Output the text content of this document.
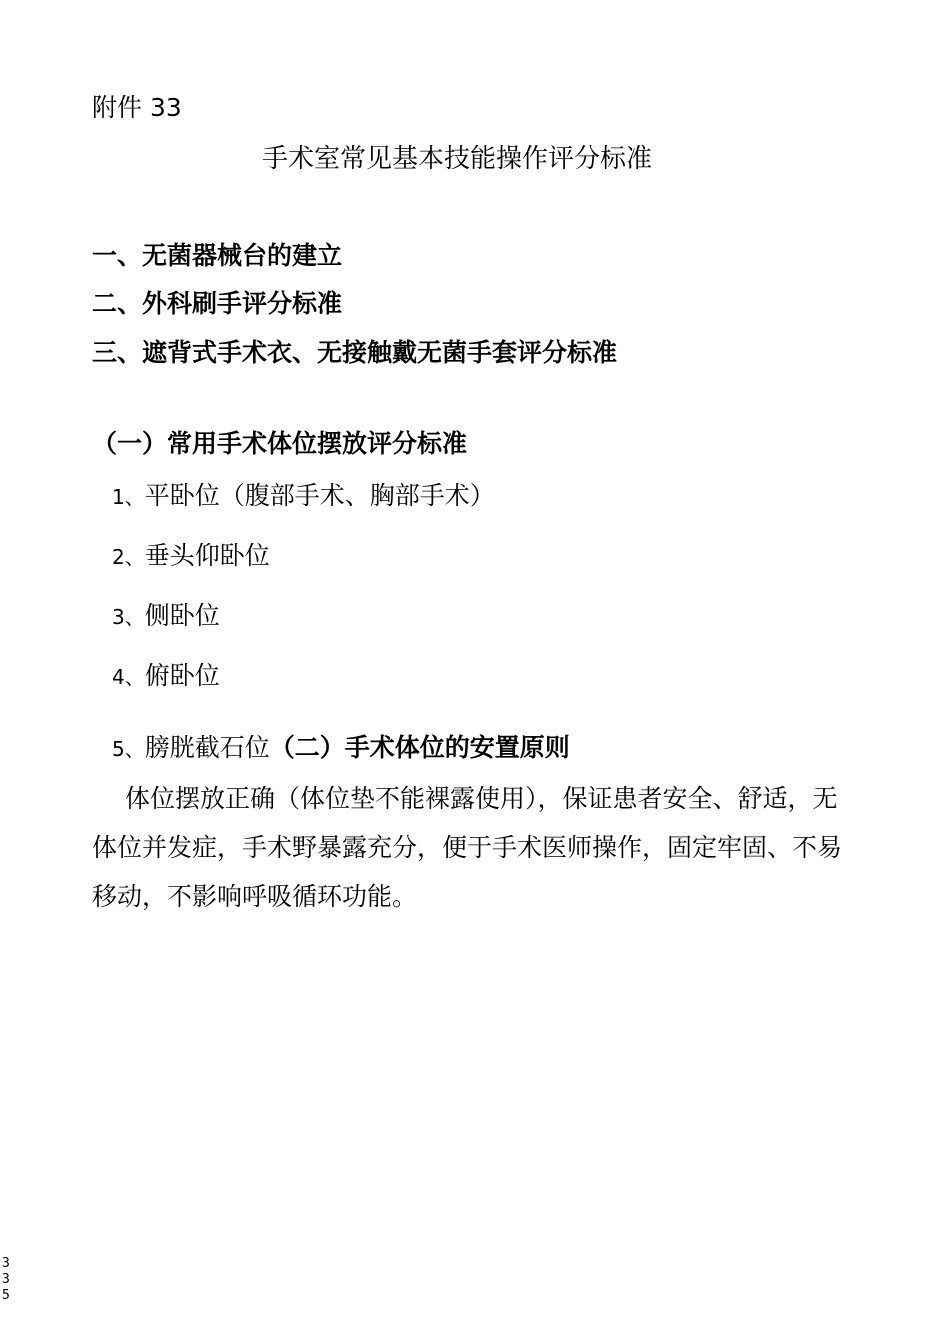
附件 33
手术室常见基本技能操作评分标准
一、无菌器械台的建立
二、外科刷手评分标准
三、遮背式手术衣、无接触戴无菌手套评分标准
（一）常用手术体位摆放评分标准
1、平卧位（腹部手术、胸部手术）
2、垂头仰卧位
3、侧卧位
4、俯卧位
5、膀胱截石位（二）手术体位的安置原则
体位摆放正确（体位垫不能裸露使用），保证患者安全、舒适，无体位并发症，手术野暴露充分，便于手术医师操作，固定牢固、不易移动，不影响呼吸循环功能。
3
3
5
